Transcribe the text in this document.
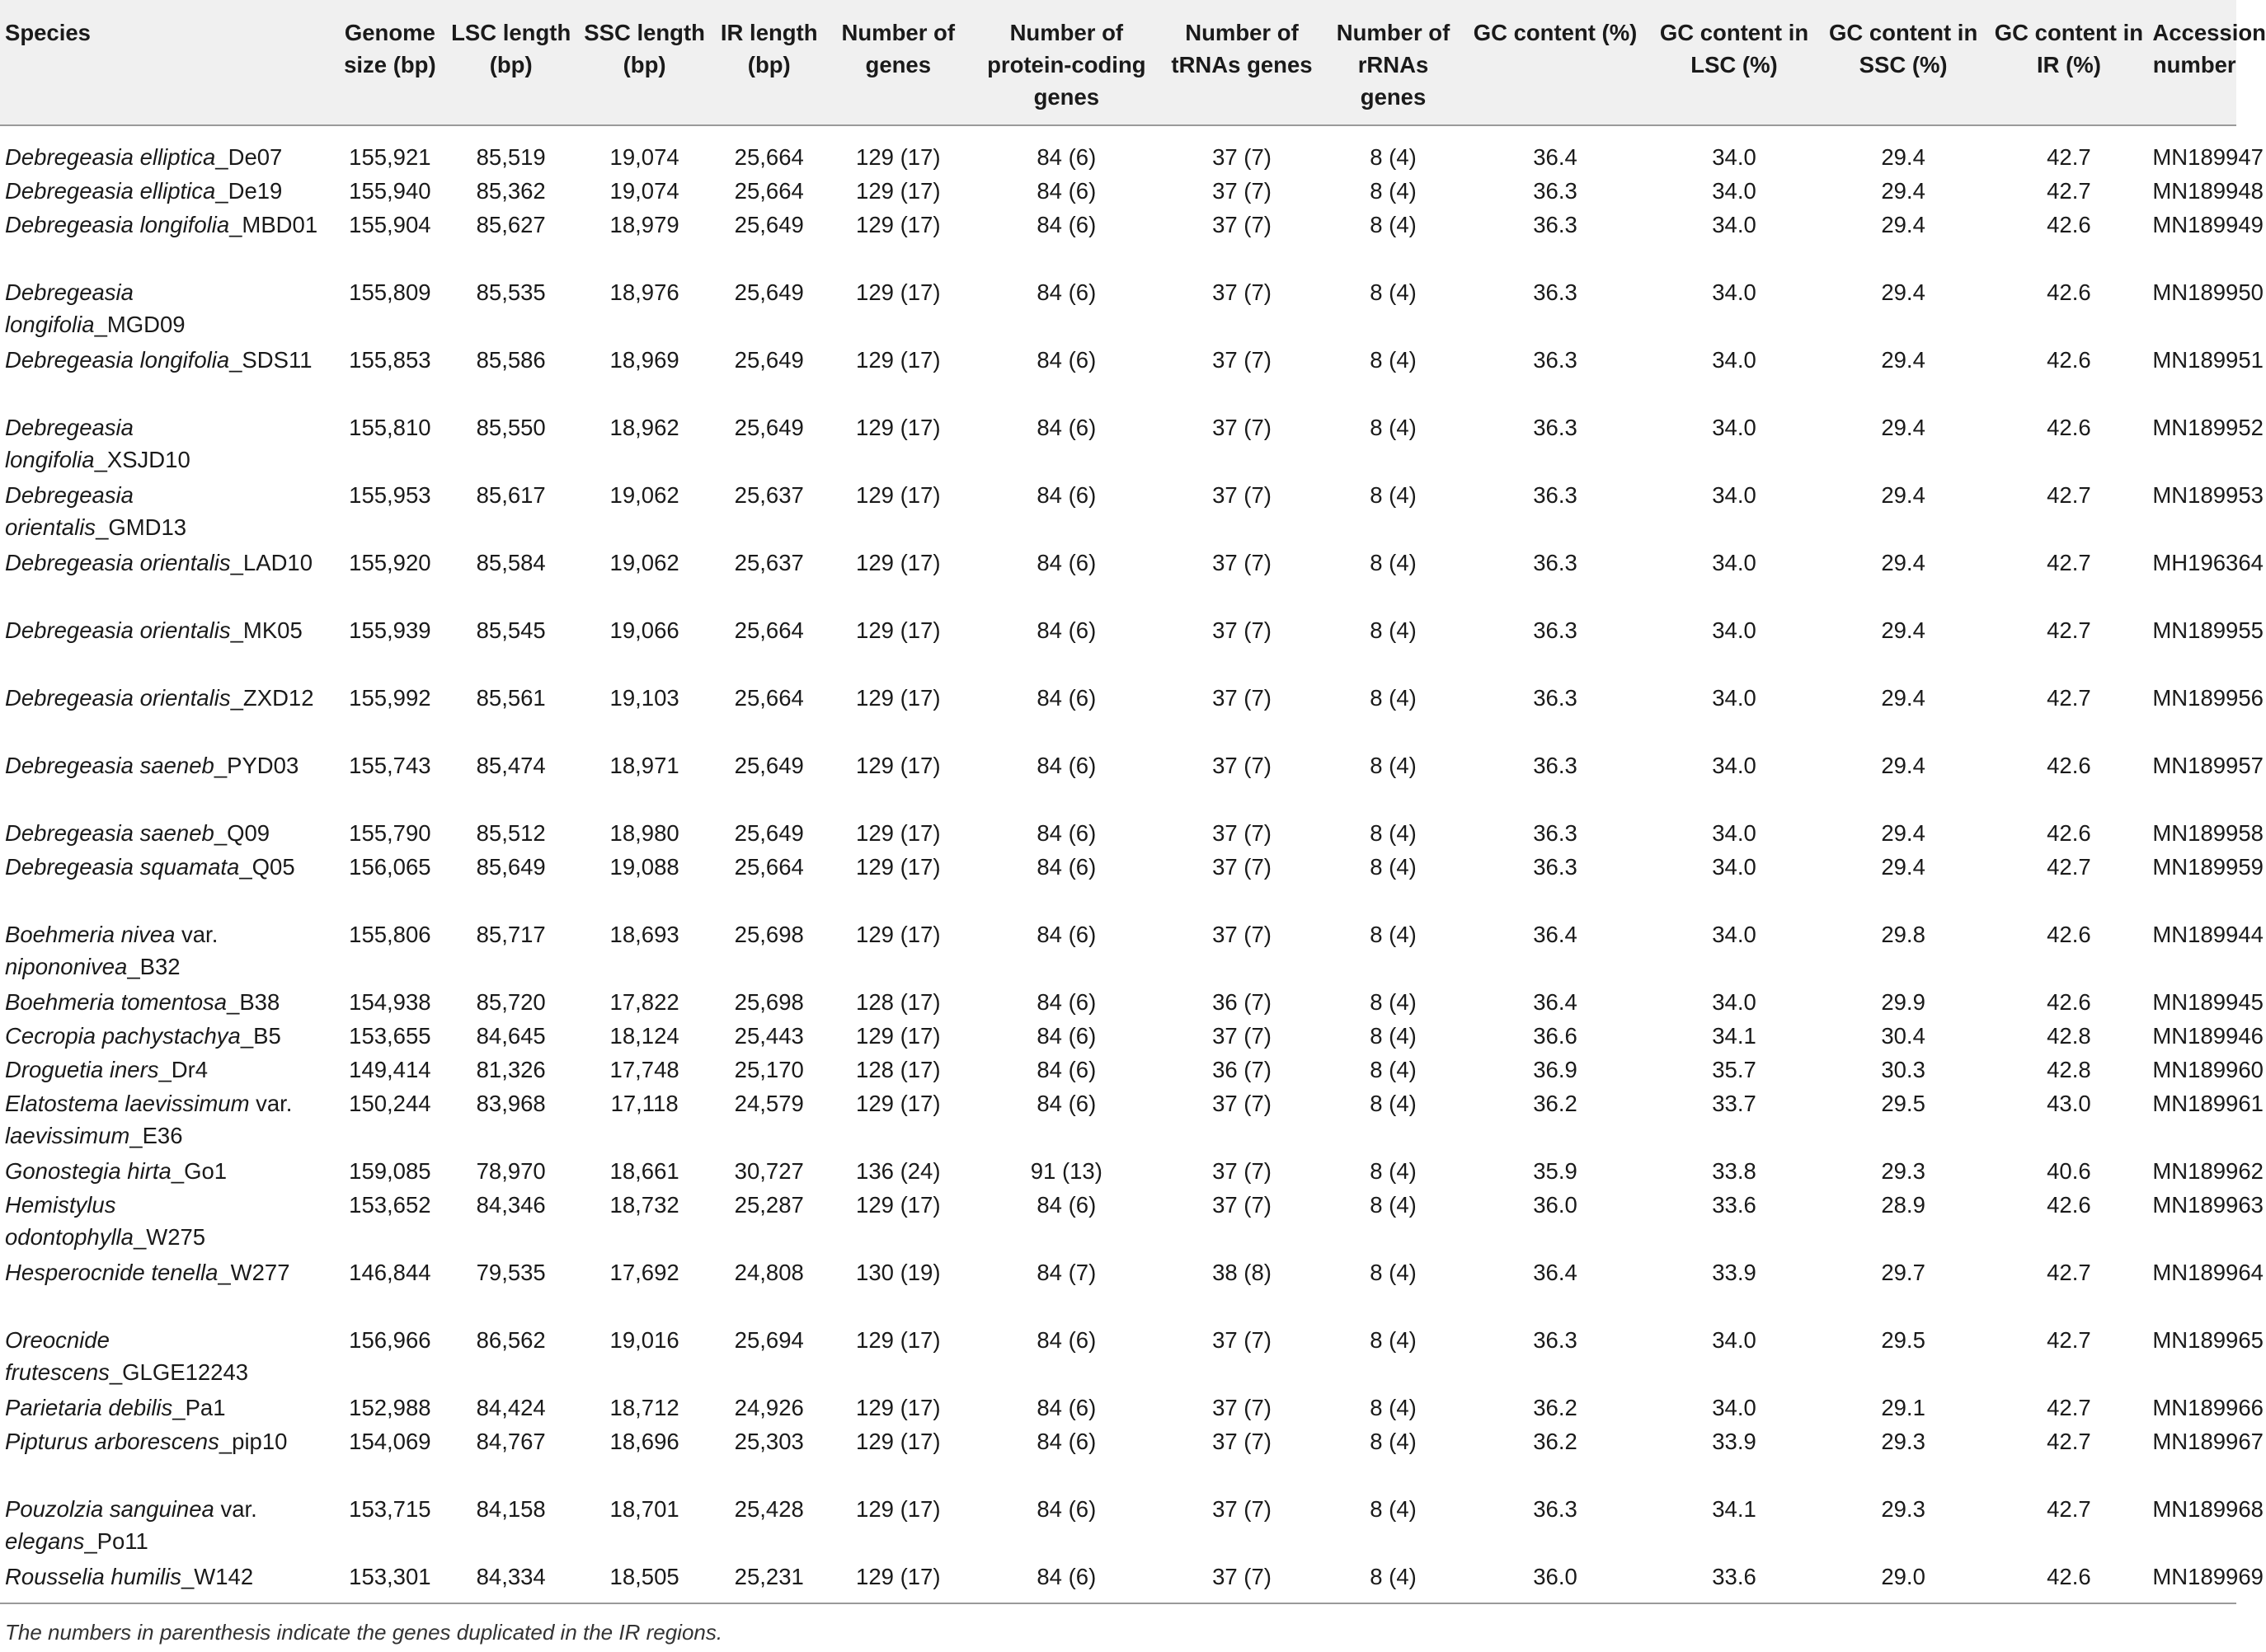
Species	Genome size (bp)	LSC length (bp)	SSC length (bp)	IR length (bp)	Number of genes	Number of protein-coding genes	Number of tRNAs genes	Number of rRNAs genes	GC content (%)	GC content in LSC (%)	GC content in SSC (%)	GC content in IR (%)	Accession number
Debregeasia elliptica_De07	155,921	85,519	19,074	25,664	129 (17)	84 (6)	37 (7)	8 (4)	36.4	34.0	29.4	42.7	MN189947
Debregeasia elliptica_De19	155,940	85,362	19,074	25,664	129 (17)	84 (6)	37 (7)	8 (4)	36.3	34.0	29.4	42.7	MN189948
Debregeasia longifolia_MBD01	155,904	85,627	18,979	25,649	129 (17)	84 (6)	37 (7)	8 (4)	36.3	34.0	29.4	42.6	MN189949
Debregeasia longifolia_MGD09	155,809	85,535	18,976	25,649	129 (17)	84 (6)	37 (7)	8 (4)	36.3	34.0	29.4	42.6	MN189950
Debregeasia longifolia_SDS11	155,853	85,586	18,969	25,649	129 (17)	84 (6)	37 (7)	8 (4)	36.3	34.0	29.4	42.6	MN189951
Debregeasia longifolia_XSJD10	155,810	85,550	18,962	25,649	129 (17)	84 (6)	37 (7)	8 (4)	36.3	34.0	29.4	42.6	MN189952
Debregeasia orientalis_GMD13	155,953	85,617	19,062	25,637	129 (17)	84 (6)	37 (7)	8 (4)	36.3	34.0	29.4	42.7	MN189953
Debregeasia orientalis_LAD10	155,920	85,584	19,062	25,637	129 (17)	84 (6)	37 (7)	8 (4)	36.3	34.0	29.4	42.7	MH196364
Debregeasia orientalis_MK05	155,939	85,545	19,066	25,664	129 (17)	84 (6)	37 (7)	8 (4)	36.3	34.0	29.4	42.7	MN189955
Debregeasia orientalis_ZXD12	155,992	85,561	19,103	25,664	129 (17)	84 (6)	37 (7)	8 (4)	36.3	34.0	29.4	42.7	MN189956
Debregeasia saeneb_PYD03	155,743	85,474	18,971	25,649	129 (17)	84 (6)	37 (7)	8 (4)	36.3	34.0	29.4	42.6	MN189957
Debregeasia saeneb_Q09	155,790	85,512	18,980	25,649	129 (17)	84 (6)	37 (7)	8 (4)	36.3	34.0	29.4	42.6	MN189958
Debregeasia squamata_Q05	156,065	85,649	19,088	25,664	129 (17)	84 (6)	37 (7)	8 (4)	36.3	34.0	29.4	42.7	MN189959
Boehmeria nivea var. nipononivea_B32	155,806	85,717	18,693	25,698	129 (17)	84 (6)	37 (7)	8 (4)	36.4	34.0	29.8	42.6	MN189944
Boehmeria tomentosa_B38	154,938	85,720	17,822	25,698	128 (17)	84 (6)	36 (7)	8 (4)	36.4	34.0	29.9	42.6	MN189945
Cecropia pachystachya_B5	153,655	84,645	18,124	25,443	129 (17)	84 (6)	37 (7)	8 (4)	36.6	34.1	30.4	42.8	MN189946
Droguetia iners_Dr4	149,414	81,326	17,748	25,170	128 (17)	84 (6)	36 (7)	8 (4)	36.9	35.7	30.3	42.8	MN189960
Elatostema laevissimum var. laevissimum_E36	150,244	83,968	17,118	24,579	129 (17)	84 (6)	37 (7)	8 (4)	36.2	33.7	29.5	43.0	MN189961
Gonostegia hirta_Go1	159,085	78,970	18,661	30,727	136 (24)	91 (13)	37 (7)	8 (4)	35.9	33.8	29.3	40.6	MN189962
Hemistylus odontophylla_W275	153,652	84,346	18,732	25,287	129 (17)	84 (6)	37 (7)	8 (4)	36.0	33.6	28.9	42.6	MN189963
Hesperocnide tenella_W277	146,844	79,535	17,692	24,808	130 (19)	84 (7)	38 (8)	8 (4)	36.4	33.9	29.7	42.7	MN189964
Oreocnide frutescens_GLGE12243	156,966	86,562	19,016	25,694	129 (17)	84 (6)	37 (7)	8 (4)	36.3	34.0	29.5	42.7	MN189965
Parietaria debilis_Pa1	152,988	84,424	18,712	24,926	129 (17)	84 (6)	37 (7)	8 (4)	36.2	34.0	29.1	42.7	MN189966
Pipturus arborescens_pip10	154,069	84,767	18,696	25,303	129 (17)	84 (6)	37 (7)	8 (4)	36.2	33.9	29.3	42.7	MN189967
Pouzolzia sanguinea var. elegans_Po11	153,715	84,158	18,701	25,428	129 (17)	84 (6)	37 (7)	8 (4)	36.3	34.1	29.3	42.7	MN189968
Rousselia humilis_W142	153,301	84,334	18,505	25,231	129 (17)	84 (6)	37 (7)	8 (4)	36.0	33.6	29.0	42.6	MN189969

The numbers in parenthesis indicate the genes duplicated in the IR regions.
